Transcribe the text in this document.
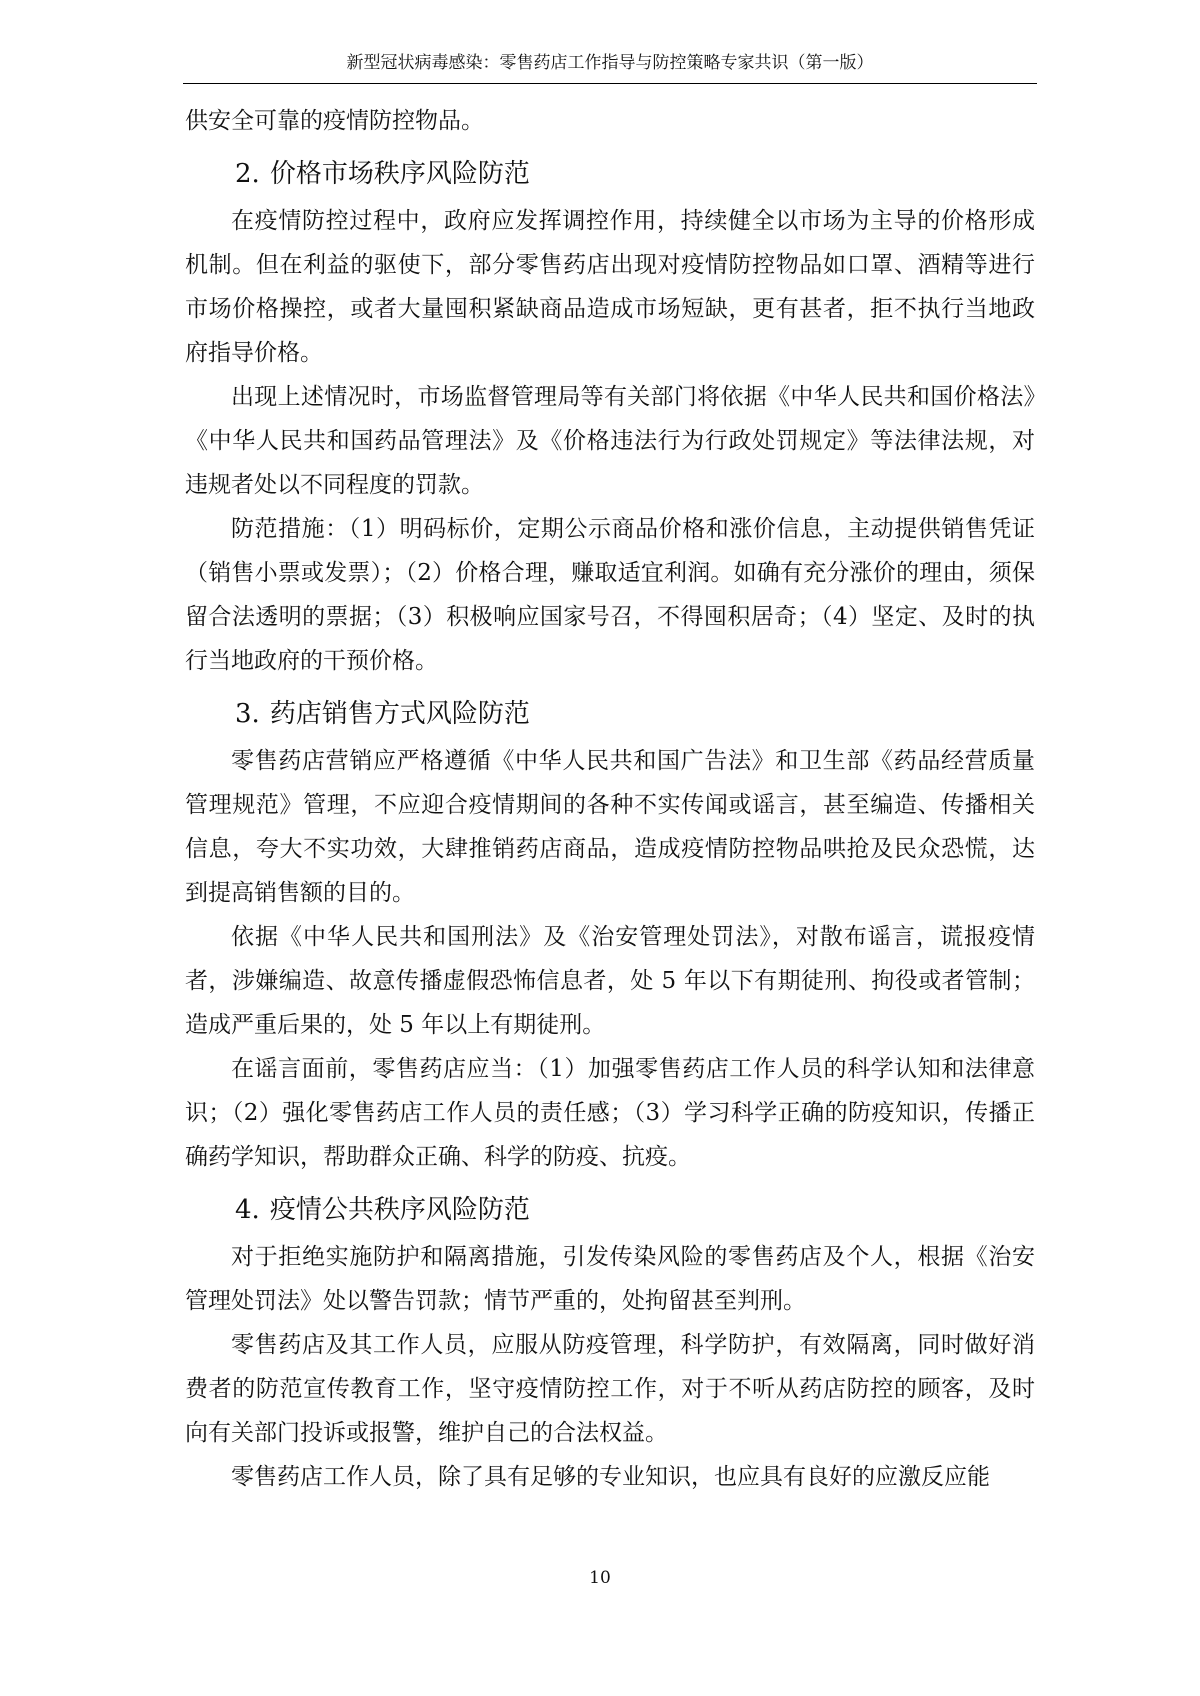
新型冠状病毒感染：零售药店工作指导与防控策略专家共识（第一版）

供安全可靠的疫情防控物品。

2. 价格市场秩序风险防范

在疫情防控过程中，政府应发挥调控作用，持续健全以市场为主导的价格形成机制。但在利益的驱使下，部分零售药店出现对疫情防控物品如口罩、酒精等进行市场价格操控，或者大量囤积紧缺商品造成市场短缺，更有甚者，拒不执行当地政府指导价格。

出现上述情况时，市场监督管理局等有关部门将依据《中华人民共和国价格法》《中华人民共和国药品管理法》及《价格违法行为行政处罚规定》等法律法规，对违规者处以不同程度的罚款。

防范措施：（1）明码标价，定期公示商品价格和涨价信息，主动提供销售凭证（销售小票或发票）；（2）价格合理，赚取适宜利润。如确有充分涨价的理由，须保留合法透明的票据；（3）积极响应国家号召，不得囤积居奇；（4）坚定、及时的执行当地政府的干预价格。

3. 药店销售方式风险防范

零售药店营销应严格遵循《中华人民共和国广告法》和卫生部《药品经营质量管理规范》管理，不应迎合疫情期间的各种不实传闻或谣言，甚至编造、传播相关信息，夸大不实功效，大肆推销药店商品，造成疫情防控物品哄抢及民众恐慌，达到提高销售额的目的。

依据《中华人民共和国刑法》及《治安管理处罚法》，对散布谣言，谎报疫情者，涉嫌编造、故意传播虚假恐怖信息者，处 5 年以下有期徒刑、拘役或者管制；造成严重后果的，处 5 年以上有期徒刑。

在谣言面前，零售药店应当：（1）加强零售药店工作人员的科学认知和法律意识；（2）强化零售药店工作人员的责任感；（3）学习科学正确的防疫知识，传播正确药学知识，帮助群众正确、科学的防疫、抗疫。

4. 疫情公共秩序风险防范

对于拒绝实施防护和隔离措施，引发传染风险的零售药店及个人，根据《治安管理处罚法》处以警告罚款；情节严重的，处拘留甚至判刑。

零售药店及其工作人员，应服从防疫管理，科学防护，有效隔离，同时做好消费者的防范宣传教育工作，坚守疫情防控工作，对于不听从药店防控的顾客，及时向有关部门投诉或报警，维护自己的合法权益。

零售药店工作人员，除了具有足够的专业知识，也应具有良好的应激反应能

10
